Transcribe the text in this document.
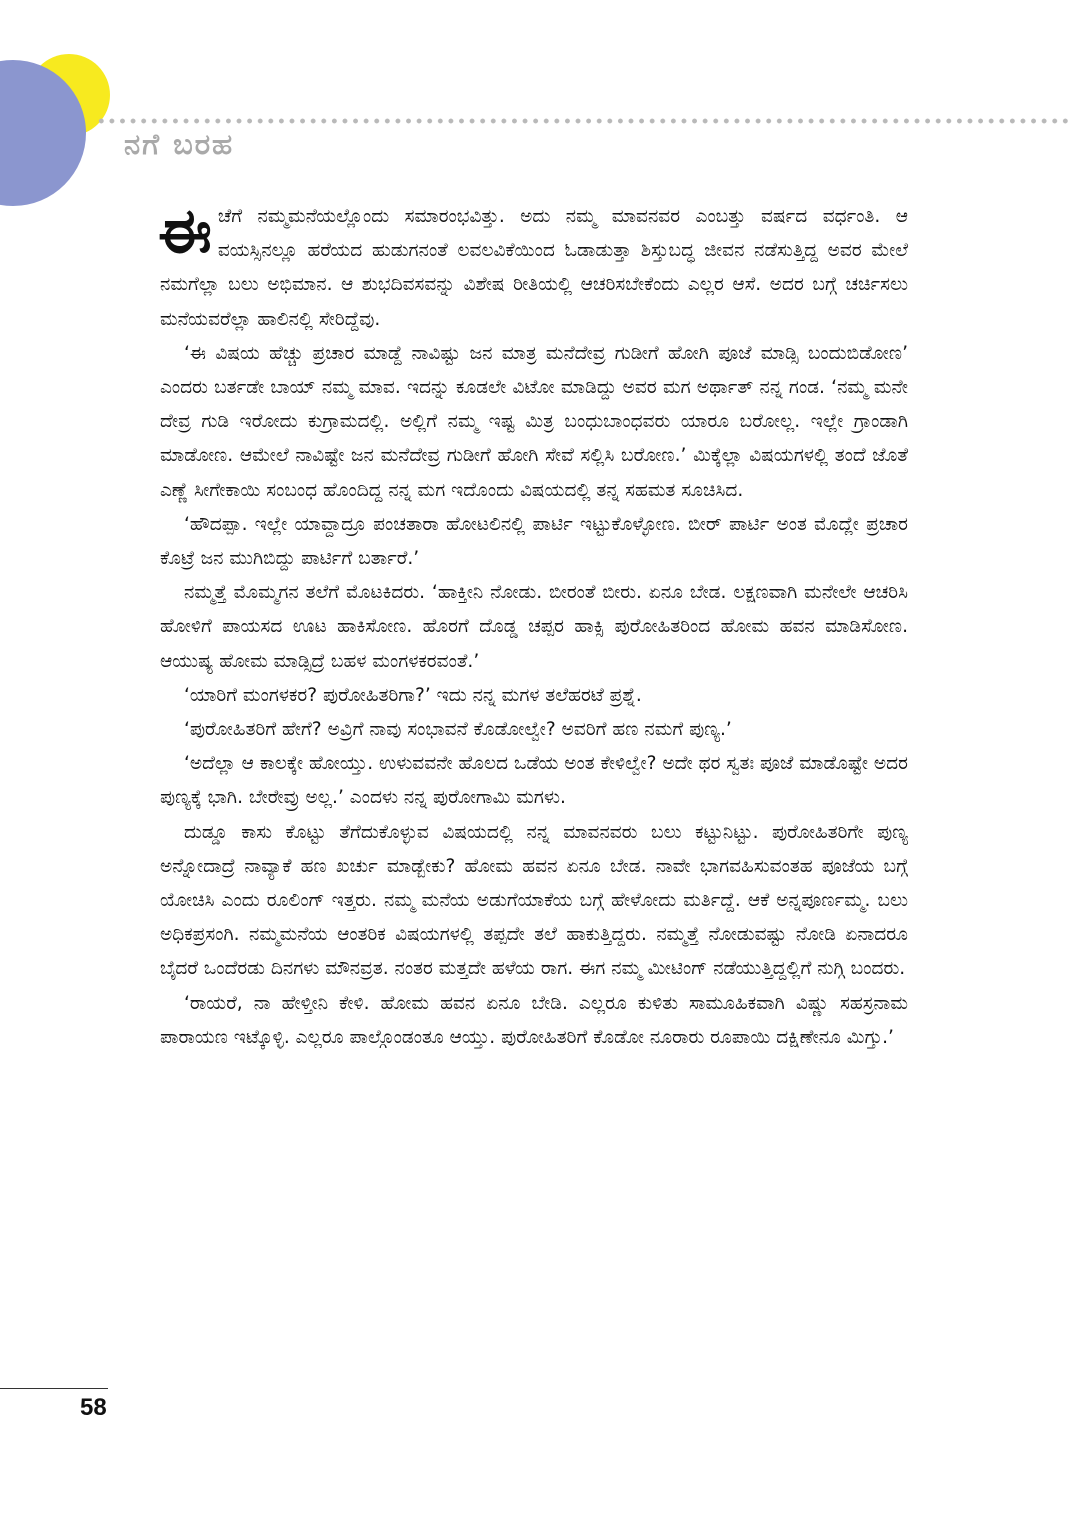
ನಗೆ ಬರಹ

ಈಚೆಗೆ ನಮ್ಮಮನೆಯಲ್ಲೊಂದು ಸಮಾರಂಭವಿತ್ತು. ಅದು ನಮ್ಮ ಮಾವನವರ ಎಂಬತ್ತು ವರ್ಷದ ವರ್ಧಂತಿ. ಆ ವಯಸ್ಸಿನಲ್ಲೂ ಹರೆಯದ ಹುಡುಗನಂತೆ ಲವಲವಿಕೆಯಿಂದ ಓಡಾಡುತ್ತಾ ಶಿಸ್ತುಬದ್ಧ ಜೀವನ ನಡೆಸುತ್ತಿದ್ದ ಅವರ ಮೇಲೆ ನಮಗೆಲ್ಲಾ ಬಲು ಅಭಿಮಾನ. ಆ ಶುಭದಿವಸವನ್ನು ವಿಶೇಷ ರೀತಿಯಲ್ಲಿ ಆಚರಿಸಬೇಕೆಂದು ಎಲ್ಲರ ಆಸೆ. ಅದರ ಬಗ್ಗೆ ಚರ್ಚಿಸಲು ಮನೆಯವರೆಲ್ಲಾ ಹಾಲಿನಲ್ಲಿ ಸೇರಿದ್ದೆವು.

‘ಈ ವಿಷಯ ಹೆಚ್ಚು ಪ್ರಚಾರ ಮಾಡ್ದೆ ನಾವಿಷ್ಟು ಜನ ಮಾತ್ರ ಮನೆದೇವ್ರ ಗುಡೀಗೆ ಹೋಗಿ ಪೂಜೆ ಮಾಡ್ಸಿ ಬಂದುಬಿಡೋಣ’ ಎಂದರು ಬರ್ತಡೇ ಬಾಯ್ ನಮ್ಮ ಮಾವ. ಇದನ್ನು ಕೂಡಲೇ ವಿಟೋ ಮಾಡಿದ್ದು ಅವರ ಮಗ ಅರ್ಥಾತ್ ನನ್ನ ಗಂಡ. ‘ನಮ್ಮ ಮನೇ ದೇವ್ರ ಗುಡಿ ಇರೋದು ಕುಗ್ರಾಮದಲ್ಲಿ. ಅಲ್ಲಿಗೆ ನಮ್ಮ ಇಷ್ಟ ಮಿತ್ರ ಬಂಧುಬಾಂಧವರು ಯಾರೂ ಬರೋಲ್ಲ. ಇಲ್ಲೇ ಗ್ರಾಂಡಾಗಿ ಮಾಡೋಣ. ಆಮೇಲೆ ನಾವಿಷ್ಟೇ ಜನ ಮನೆದೇವ್ರ ಗುಡೀಗೆ ಹೋಗಿ ಸೇವೆ ಸಲ್ಲಿಸಿ ಬರೋಣ.’ ಮಿಕ್ಕೆಲ್ಲಾ ವಿಷಯಗಳಲ್ಲಿ ತಂದೆ ಜೊತೆ ಎಣ್ಣೆ ಸೀಗೇಕಾಯಿ ಸಂಬಂಧ ಹೊಂದಿದ್ದ ನನ್ನ ಮಗ ಇದೊಂದು ವಿಷಯದಲ್ಲಿ ತನ್ನ ಸಹಮತ ಸೂಚಿಸಿದ.

‘ಹೌದಪ್ಪಾ. ಇಲ್ಲೇ ಯಾವ್ದಾದ್ರೂ ಪಂಚತಾರಾ ಹೋಟಲಿನಲ್ಲಿ ಪಾರ್ಟಿ ಇಟ್ಟುಕೊಳ್ಳೋಣ. ಬೀರ್ ಪಾರ್ಟಿ ಅಂತ ಮೊದ್ಲೇ ಪ್ರಚಾರ ಕೊಟ್ರೆ ಜನ ಮುಗಿಬಿದ್ದು ಪಾರ್ಟಿಗೆ ಬರ್ತಾರೆ.’

ನಮ್ಮತ್ತೆ ಮೊಮ್ಮಗನ ತಲೆಗೆ ಮೊಟಕಿದರು. ‘ಹಾಕ್ತೀನಿ ನೋಡು. ಬೀರಂತೆ ಬೀರು. ಏನೂ ಬೇಡ. ಲಕ್ಷಣವಾಗಿ ಮನೇಲೇ ಆಚರಿಸಿ ಹೋಳಿಗೆ ಪಾಯಸದ ಊಟ ಹಾಕಿಸೋಣ. ಹೊರಗೆ ದೊಡ್ಡ ಚಪ್ಪರ ಹಾಕ್ಸಿ ಪುರೋಹಿತರಿಂದ ಹೋಮ ಹವನ ಮಾಡಿಸೋಣ. ಆಯುಷ್ಯ ಹೋಮ ಮಾಡ್ಸಿದ್ರೆ ಬಹಳ ಮಂಗಳಕರವಂತೆ.’

‘ಯಾರಿಗೆ ಮಂಗಳಕರ? ಪುರೋಹಿತರಿಗಾ?’ ಇದು ನನ್ನ ಮಗಳ ತಲೆಹರಟೆ ಪ್ರಶ್ನೆ.

‘ಪುರೋಹಿತರಿಗೆ ಹೇಗೆ? ಅವ್ರಿಗೆ ನಾವು ಸಂಭಾವನೆ ಕೊಡೋಲ್ವೇ? ಅವರಿಗೆ ಹಣ ನಮಗೆ ಪುಣ್ಯ.’

‘ಅದೆಲ್ಲಾ ಆ ಕಾಲಕ್ಕೇ ಹೋಯ್ತು. ಉಳುವವನೇ ಹೊಲದ ಒಡೆಯ ಅಂತ ಕೇಳಿಲ್ವೇ? ಅದೇ ಥರ ಸ್ವತಃ ಪೂಜೆ ಮಾಡೊಷ್ಟೇ ಅದರ ಪುಣ್ಯಕ್ಕೆ ಭಾಗಿ. ಬೇರೇವ್ರು ಅಲ್ಲ.’ ಎಂದಳು ನನ್ನ ಪುರೋಗಾಮಿ ಮಗಳು.

ದುಡ್ಡೂ ಕಾಸು ಕೊಟ್ಟು ತೆಗೆದುಕೊಳ್ಳುವ ವಿಷಯದಲ್ಲಿ ನನ್ನ ಮಾವನವರು ಬಲು ಕಟ್ಟುನಿಟ್ಟು. ಪುರೋಹಿತರಿಗೇ ಪುಣ್ಯ ಅನ್ನೋದಾದ್ರೆ ನಾವ್ಯಾಕೆ ಹಣ ಖರ್ಚು ಮಾಡ್ಬೇಕು? ಹೋಮ ಹವನ ಏನೂ ಬೇಡ. ನಾವೇ ಭಾಗವಹಿಸುವಂತಹ ಪೂಜೆಯ ಬಗ್ಗೆ ಯೋಚಿಸಿ ಎಂದು ರೂಲಿಂಗ್ ಇತ್ತರು. ನಮ್ಮ ಮನೆಯ ಅಡುಗೆಯಾಕೆಯ ಬಗ್ಗೆ ಹೇಳೋದು ಮರ್ತಿದ್ದೆ. ಆಕೆ ಅನ್ನಪೂರ್ಣಮ್ಮ. ಬಲು ಅಧಿಕಪ್ರಸಂಗಿ. ನಮ್ಮಮನೆಯ ಆಂತರಿಕ ವಿಷಯಗಳಲ್ಲಿ ತಪ್ಪದೇ ತಲೆ ಹಾಕುತ್ತಿದ್ದರು. ನಮ್ಮತ್ತೆ ನೋಡುವಷ್ಟು ನೋಡಿ ಏನಾದರೂ ಬೈದರೆ ಒಂದೆರಡು ದಿನಗಳು ಮೌನವ್ರತ. ನಂತರ ಮತ್ತದೇ ಹಳೆಯ ರಾಗ. ಈಗ ನಮ್ಮ ಮೀಟಿಂಗ್ ನಡೆಯುತ್ತಿದ್ದಲ್ಲಿಗೆ ನುಗ್ಗಿ ಬಂದರು.

‘ರಾಯರೆ, ನಾ ಹೇಳ್ತೀನಿ ಕೇಳಿ. ಹೋಮ ಹವನ ಏನೂ ಬೇಡಿ. ಎಲ್ಲರೂ ಕುಳಿತು ಸಾಮೂಹಿಕವಾಗಿ ವಿಷ್ಣು ಸಹಸ್ರನಾಮ ಪಾರಾಯಣ ಇಟ್ಕೊಳ್ಳಿ. ಎಲ್ಲರೂ ಪಾಲ್ಗೊಂಡಂತೂ ಆಯ್ತು. ಪುರೋಹಿತರಿಗೆ ಕೊಡೋ ನೂರಾರು ರೂಪಾಯಿ ದಕ್ಷಿಣೇನೂ ಮಿಗ್ತು.’

58
